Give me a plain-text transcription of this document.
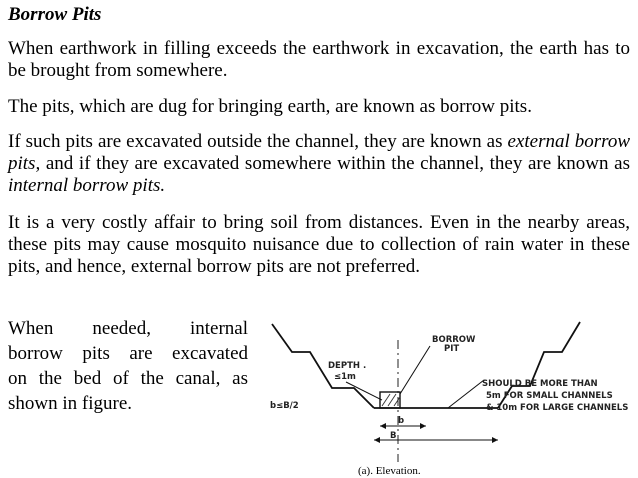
Borrow Pits

When earthwork in filling exceeds the earthwork in excavation, the earth has to be brought from somewhere.

The pits, which are dug for bringing earth, are known as borrow pits.

If such pits are excavated outside the channel, they are known as external borrow pits, and if they are excavated somewhere within the channel, they are known as internal borrow pits.

It is a very costly affair to bring soil from distances. Even in the nearby areas, these pits may cause mosquito nuisance due to collection of rain water in these pits, and hence, external borrow pits are not preferred.

When needed, internal
borrow pits are excavated
on the bed of the canal, as
shown in figure.

BORROW
PIT
DEPTH .
≤1m
b≤B/2
b
B
SHOULD BE MORE THAN
5m FOR SMALL CHANNELS
& 10m FOR LARGE CHANNELS
(a). Elevation.
